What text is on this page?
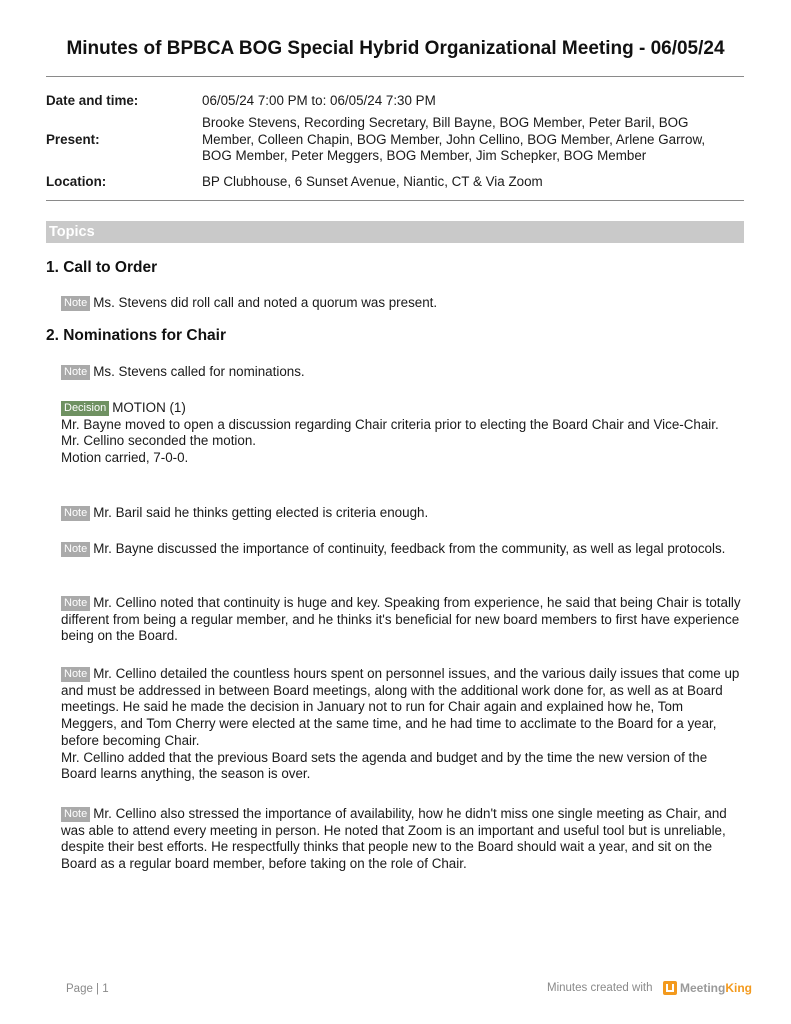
Minutes of BPBCA BOG Special Hybrid Organizational Meeting - 06/05/24
Date and time:	06/05/24 7:00 PM to: 06/05/24 7:30 PM
Present:
Brooke Stevens, Recording Secretary, Bill Bayne, BOG Member, Peter Baril, BOG Member, Colleen Chapin, BOG Member, John Cellino, BOG Member, Arlene Garrow, BOG Member, Peter Meggers, BOG Member, Jim Schepker, BOG Member
Location:	BP Clubhouse, 6 Sunset Avenue, Niantic, CT & Via Zoom
Topics
1. Call to Order
Note Ms. Stevens did roll call and noted a quorum was present.
2. Nominations for Chair
Note Ms. Stevens called for nominations.
Decision MOTION (1)
Mr. Bayne moved to open a discussion regarding Chair criteria prior to electing the Board Chair and Vice-Chair.
Mr. Cellino seconded the motion.
Motion carried, 7-0-0.
Note Mr. Baril said he thinks getting elected is criteria enough.
Note Mr. Bayne discussed the importance of continuity, feedback from the community, as well as legal protocols.
Note Mr. Cellino noted that continuity is huge and key. Speaking from experience, he said that being Chair is totally different from being a regular member, and he thinks it's beneficial for new board members to first have experience being on the Board.
Note Mr. Cellino detailed the countless hours spent on personnel issues, and the various daily issues that come up and must be addressed in between Board meetings, along with the additional work done for, as well as at Board meetings. He said he made the decision in January not to run for Chair again and explained how he, Tom Meggers, and Tom Cherry were elected at the same time, and he had time to acclimate to the Board for a year, before becoming Chair.
Mr. Cellino added that the previous Board sets the agenda and budget and by the time the new version of the Board learns anything, the season is over.
Note Mr. Cellino also stressed the importance of availability, how he didn't miss one single meeting as Chair, and was able to attend every meeting in person. He noted that Zoom is an important and useful tool but is unreliable, despite their best efforts. He respectfully thinks that people new to the Board should wait a year, and sit on the Board as a regular board member, before taking on the role of Chair.
Page | 1	Minutes created with MeetingKing
